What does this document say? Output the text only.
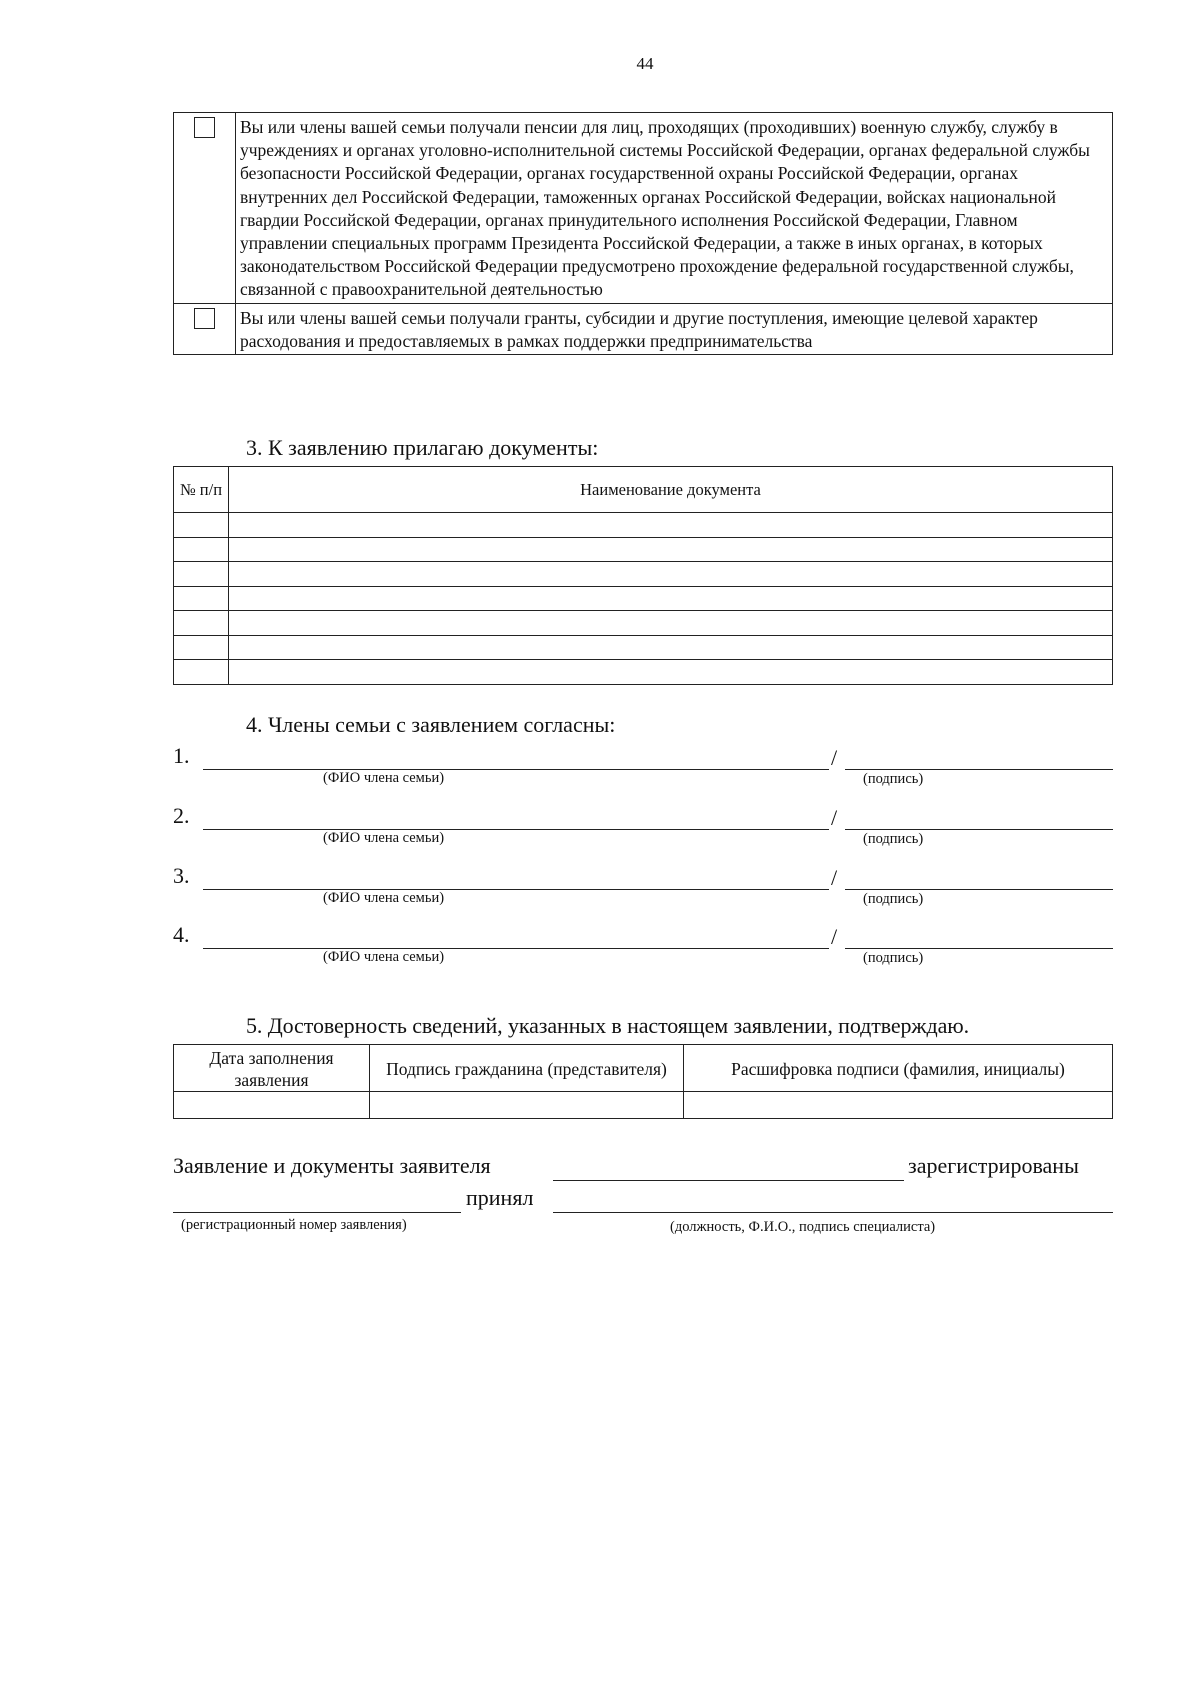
44
	Вы или члены вашей семьи получали пенсии для лиц, проходящих (проходивших) военную службу, службу в учреждениях и органах уголовно-исполнительной системы Российской Федерации, органах федеральной службы безопасности Российской Федерации, органах государственной охраны Российской Федерации, органах внутренних дел Российской Федерации, таможенных органах Российской Федерации, войсках национальной гвардии Российской Федерации, органах принудительного исполнения Российской Федерации, Главном управлении специальных программ Президента Российской Федерации, а также в иных органах, в которых законодательством Российской Федерации предусмотрено прохождение федеральной государственной службы, связанной с правоохранительной деятельностью

	Вы или члены вашей семьи получали гранты, субсидии и другие поступления, имеющие целевой характер расходования и предоставляемых в рамках поддержки предпринимательства
3. К заявлению прилагаю документы:
№ п/п	Наименование документа

4. Члены семьи с заявлением согласны:
1.	/
(ФИО члена семьи)	(подпись)
2.	/
(ФИО члена семьи)	(подпись)
3.	/
(ФИО члена семьи)	(подпись)
4.	/
(ФИО члена семьи)	(подпись)
5. Достоверность сведений, указанных в настоящем заявлении, подтверждаю.
Дата заполнения заявления	Подпись гражданина (представителя)	Расшифровка подписи (фамилия, инициалы)

Заявление и документы заявителя	зарегистрированы
принял
(регистрационный номер заявления)	(должность, Ф.И.О., подпись специалиста)
